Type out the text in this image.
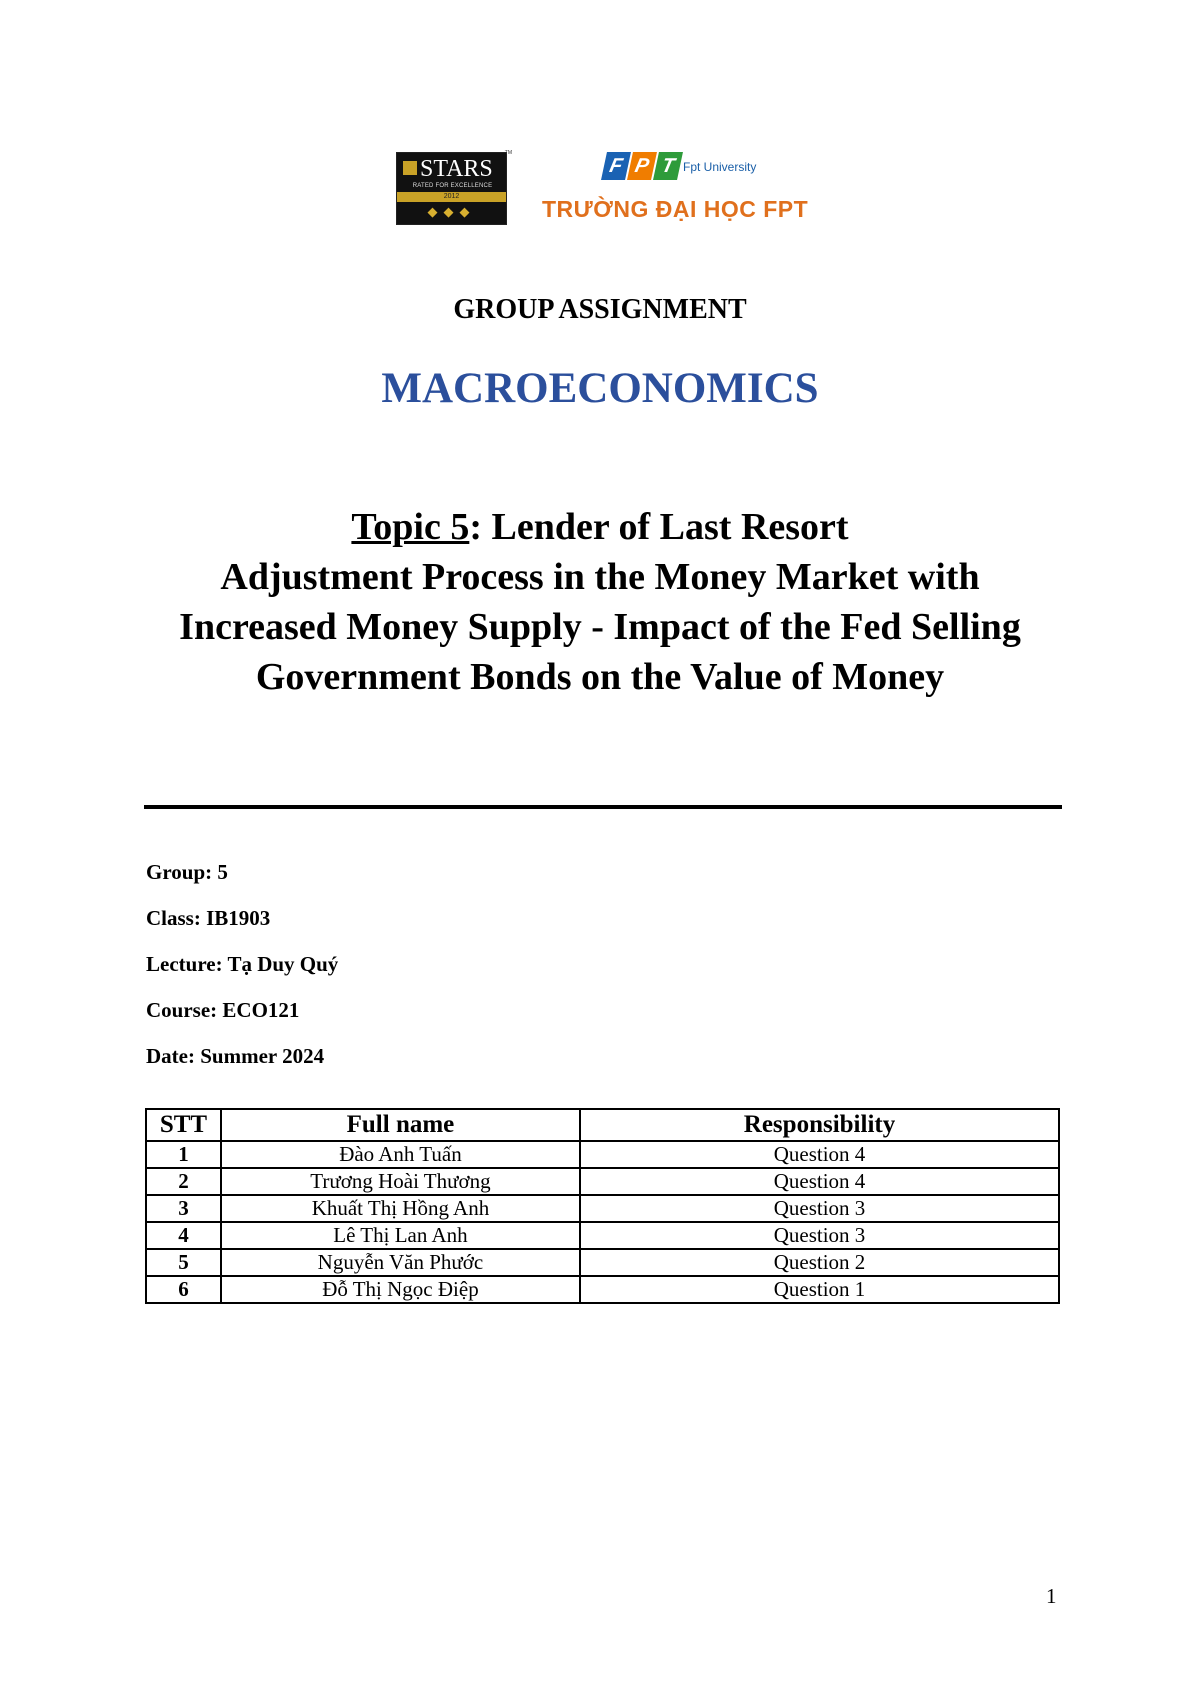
STARS
RATED FOR EXCELLENCE
2012
◆◆◆
TM
F P T Fpt University
TRƯỜNG ĐẠI HỌC FPT
GROUP ASSIGNMENT
MACROECONOMICS
Topic 5: Lender of Last Resort
Adjustment Process in the Money Market with
Increased Money Supply - Impact of the Fed Selling
Government Bonds on the Value of Money
Group: 5
Class: IB1903
Lecture: Tạ Duy Quý
Course: ECO121
Date: Summer 2024
STT	Full name	Responsibility
1	Đào Anh Tuấn	Question 4
2	Trương Hoài Thương	Question 4
3	Khuất Thị Hồng Anh	Question 3
4	Lê Thị Lan Anh	Question 3
5	Nguyễn Văn Phước	Question 2
6	Đỗ Thị Ngọc Điệp	Question 1
1
